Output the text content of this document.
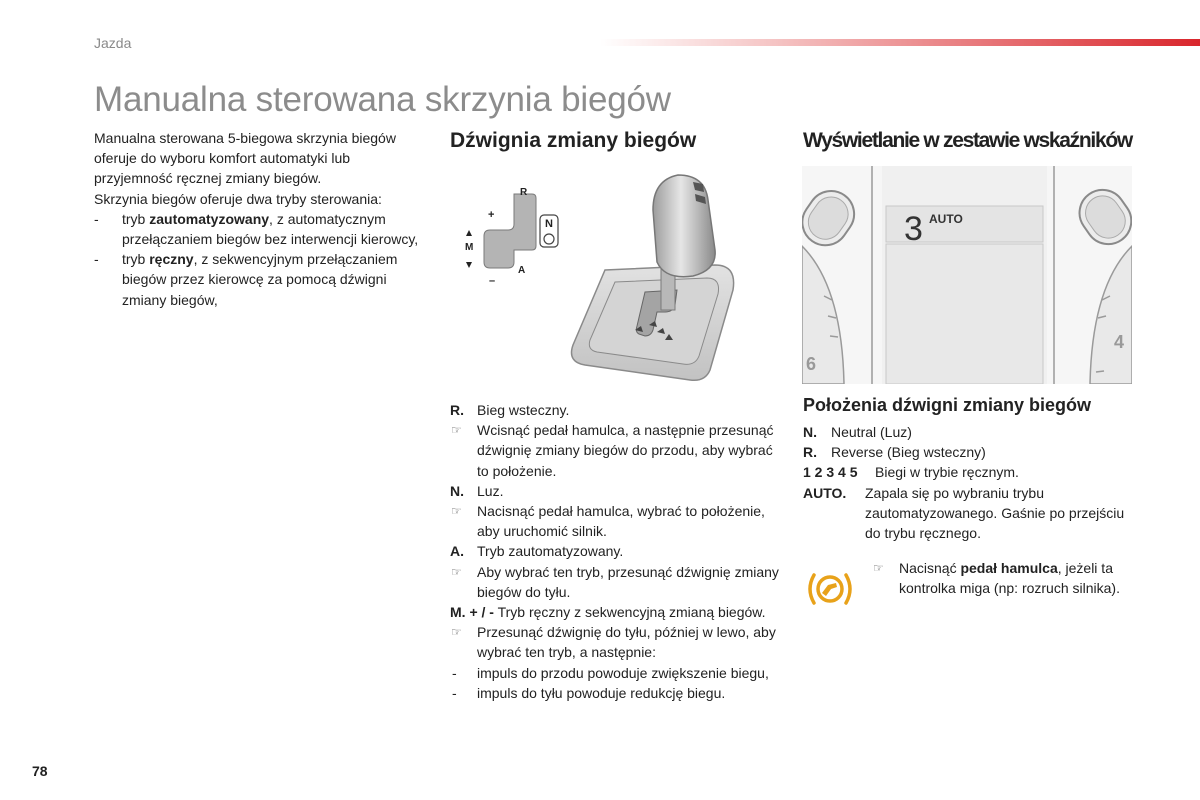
Jazda
Manualna sterowana skrzynia biegów

Manualna sterowana 5-biegowa skrzynia biegów oferuje do wyboru komfort automatyki lub przyjemność ręcznej zmiany biegów.

Skrzynia biegów oferuje dwa tryby sterowania:

- tryb zautomatyzowany, z automatycznym przełączaniem biegów bez interwencji kierowcy,
- tryb ręczny, z sekwencyjnym przełączaniem biegów przez kierowcę za pomocą dźwigni zmiany biegów,
Dźwignia zmiany biegów
N
R
A
M
+
–
Wyświetlanie w zestawie wskaźników
3 AUTO
6
4
Położenia dźwigni zmiany biegów
R. Bieg wsteczny.
☞ Wcisnąć pedał hamulca, a następnie przesunąć dźwignię zmiany biegów do przodu, aby wybrać to położenie.
N. Luz.
☞ Nacisnąć pedał hamulca, wybrać to położenie, aby uruchomić silnik.
A. Tryb zautomatyzowany.
☞ Aby wybrać ten tryb, przesunąć dźwignię zmiany biegów do tyłu.
M. + / - Tryb ręczny z sekwencyjną zmianą biegów.
☞ Przesunąć dźwignię do tyłu, później w lewo, aby wybrać ten tryb, a następnie:
- impuls do przodu powoduje zwiększenie biegu,
- impuls do tyłu powoduje redukcję biegu.
N. Neutral (Luz)
R. Reverse (Bieg wsteczny)
1 2 3 4 5 Biegi w trybie ręcznym.
AUTO. Zapala się po wybraniu trybu zautomatyzowanego. Gaśnie po przejściu do trybu ręcznego.
☞ Nacisnąć pedał hamulca, jeżeli ta kontrolka miga (np: rozruch silnika).
78
